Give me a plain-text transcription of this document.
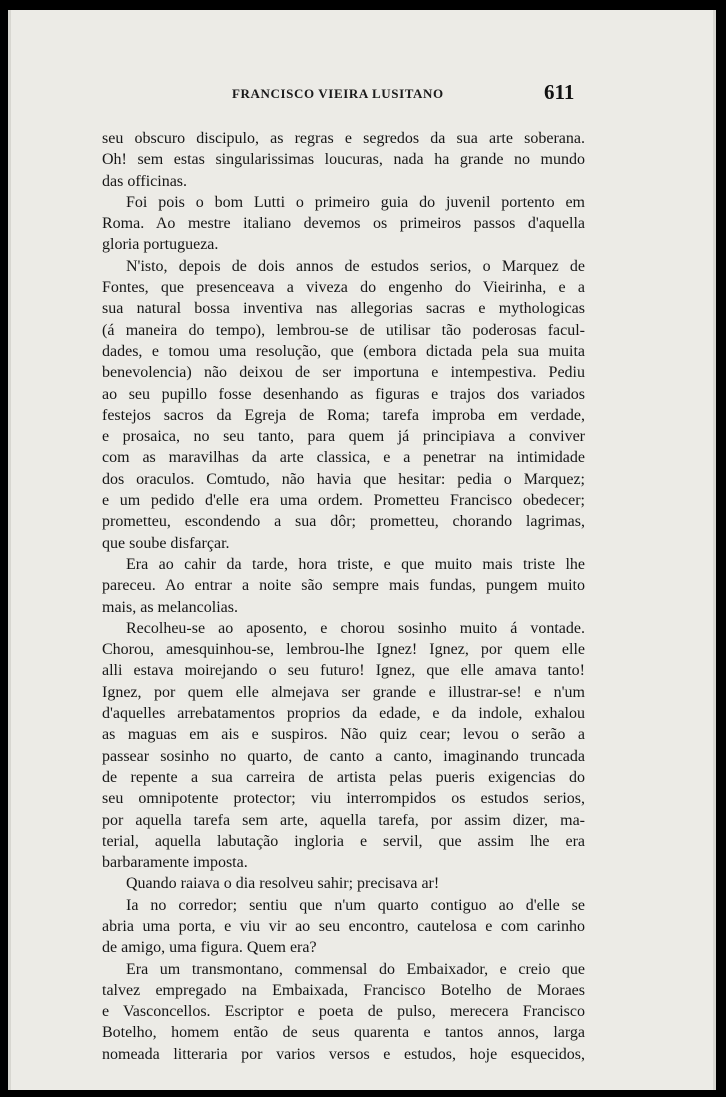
FRANCISCO VIEIRA LUSITANO	611
seu obscuro discipulo, as regras e segredos da sua arte soberana.
Oh! sem estas singularissimas loucuras, nada ha grande no mundo
das officinas.
Foi pois o bom Lutti o primeiro guia do juvenil portento em
Roma. Ao mestre italiano devemos os primeiros passos d'aquella
gloria portugueza.
N'isto, depois de dois annos de estudos serios, o Marquez de
Fontes, que presenceava a viveza do engenho do Vieirinha, e a
sua natural bossa inventiva nas allegorias sacras e mythologicas
(á maneira do tempo), lembrou-se de utilisar tão poderosas facul-
dades, e tomou uma resolução, que (embora dictada pela sua muita
benevolencia) não deixou de ser importuna e intempestiva. Pediu
ao seu pupillo fosse desenhando as figuras e trajos dos variados
festejos sacros da Egreja de Roma; tarefa improba em verdade,
e prosaica, no seu tanto, para quem já principiava a conviver
com as maravilhas da arte classica, e a penetrar na intimidade
dos oraculos. Comtudo, não havia que hesitar: pedia o Marquez;
e um pedido d'elle era uma ordem. Prometteu Francisco obedecer;
prometteu, escondendo a sua dôr; prometteu, chorando lagrimas,
que soube disfarçar.
Era ao cahir da tarde, hora triste, e que muito mais triste lhe
pareceu. Ao entrar a noite são sempre mais fundas, pungem muito
mais, as melancolias.
Recolheu-se ao aposento, e chorou sosinho muito á vontade.
Chorou, amesquinhou-se, lembrou-lhe Ignez! Ignez, por quem elle
alli estava moirejando o seu futuro! Ignez, que elle amava tanto!
Ignez, por quem elle almejava ser grande e illustrar-se! e n'um
d'aquelles arrebatamentos proprios da edade, e da indole, exhalou
as maguas em ais e suspiros. Não quiz cear; levou o serão a
passear sosinho no quarto, de canto a canto, imaginando truncada
de repente a sua carreira de artista pelas pueris exigencias do
seu omnipotente protector; viu interrompidos os estudos serios,
por aquella tarefa sem arte, aquella tarefa, por assim dizer, ma-
terial, aquella labutação ingloria e servil, que assim lhe era
barbaramente imposta.
Quando raiava o dia resolveu sahir; precisava ar!
Ia no corredor; sentiu que n'um quarto contiguo ao d'elle se
abria uma porta, e viu vir ao seu encontro, cautelosa e com carinho
de amigo, uma figura. Quem era?
Era um transmontano, commensal do Embaixador, e creio que
talvez empregado na Embaixada, Francisco Botelho de Moraes
e Vasconcellos. Escriptor e poeta de pulso, merecera Francisco
Botelho, homem então de seus quarenta e tantos annos, larga
nomeada litteraria por varios versos e estudos, hoje esquecidos,
